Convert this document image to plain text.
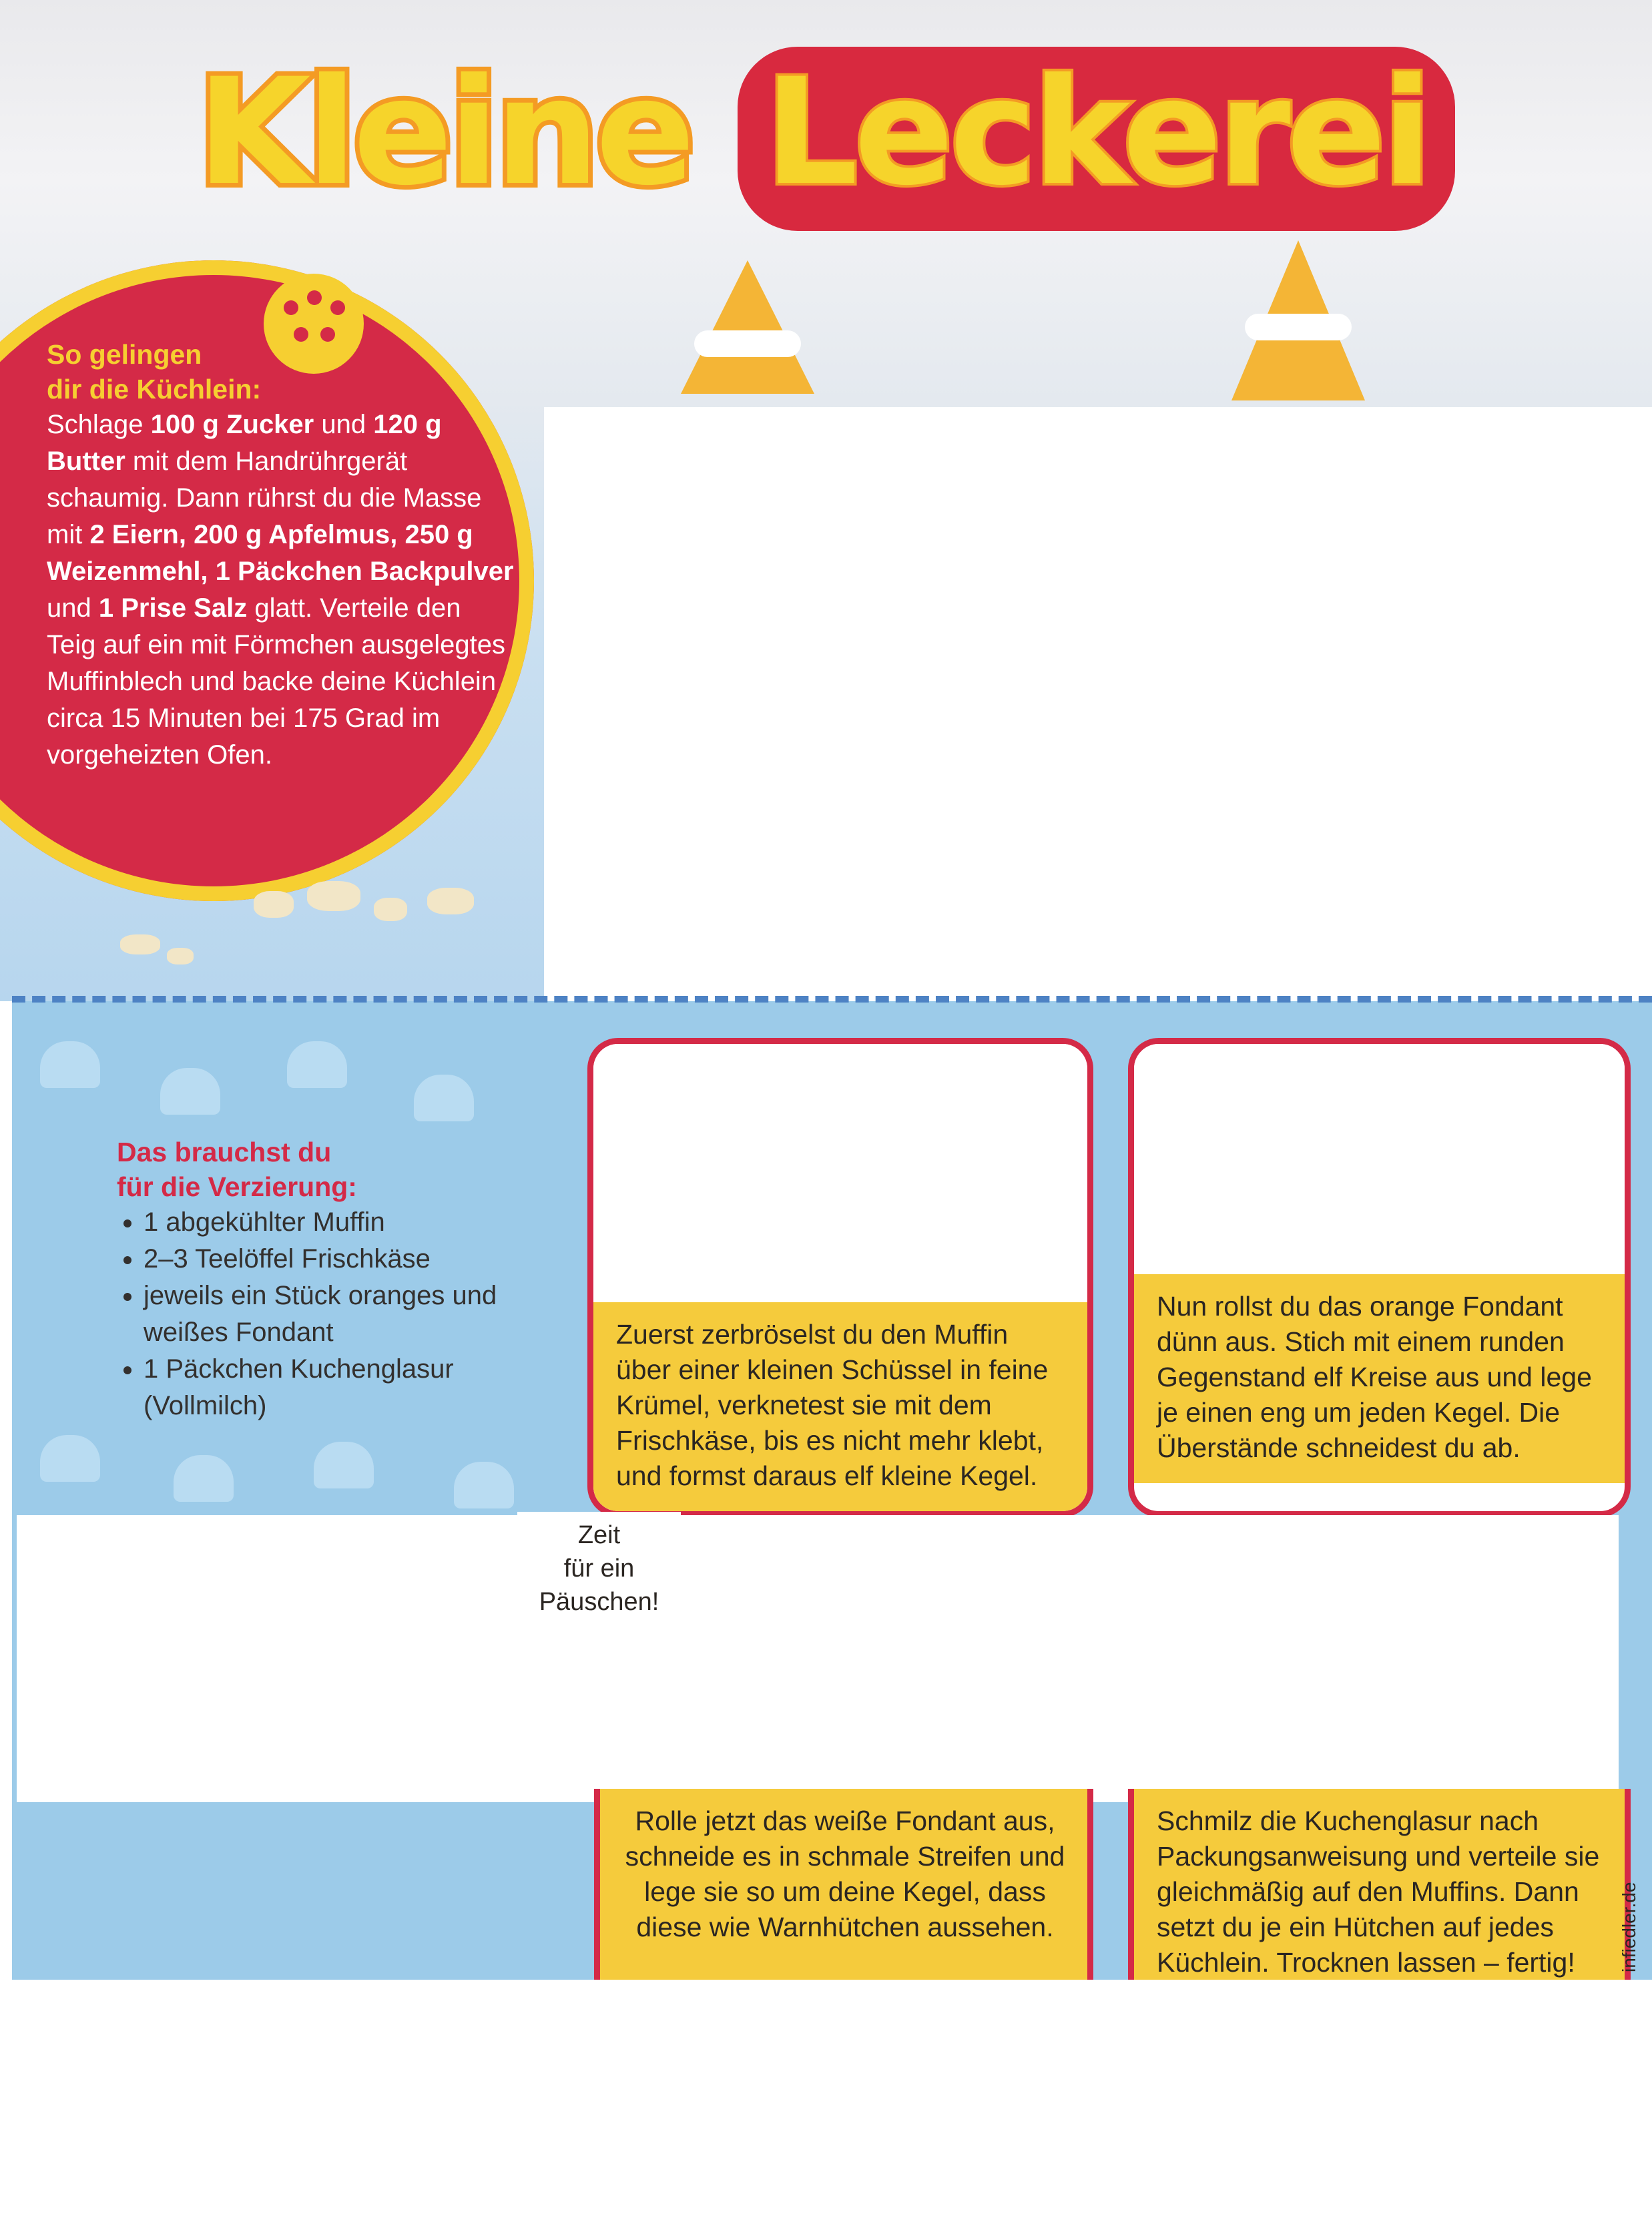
Kleine Leckerei
So gelingen
dir die Küchlein:
Schlage 100 g Zucker und 120 g Butter mit dem Handrührgerät schaumig. Dann rührst du die Masse mit 2 Eiern, 200 g Apfelmus, 250 g Weizenmehl, 1 Päckchen Backpulver und 1 Prise Salz glatt. Verteile den Teig auf ein mit Förmchen ausgelegtes Muffinblech und backe deine Küchlein circa 15 Minuten bei 175 Grad im vorgeheizten Ofen.
Das brauchst du
für die Verzierung:
• 1 abgekühlter Muffin
• 2–3 Teelöffel Frischkäse
• jeweils ein Stück oranges und weißes Fondant
• 1 Päckchen Kuchenglasur (Vollmilch)
Zuerst zerbröselst du den Muffin über einer kleinen Schüssel in feine Krümel, verknetest sie mit dem Frischkäse, bis es nicht mehr klebt, und formst daraus elf kleine Kegel.
Nun rollst du das orange Fondant dünn aus. Stich mit einem runden Gegenstand elf Kreise aus und lege je einen eng um jeden Kegel. Die Überstände schneidest du ab.
Rolle jetzt das weiße Fondant aus, schneide es in schmale Streifen und lege sie so um deine Kegel, dass diese wie Warnhütchen aussehen.
Schmilz die Kuchenglasur nach Packungsanweisung und verteile sie gleichmäßig auf den Muffins. Dann setzt du je ein Hütchen auf jedes Küchlein. Trocknen lassen – fertig!
Zeit
für ein
Päuschen!
infiedler.de
